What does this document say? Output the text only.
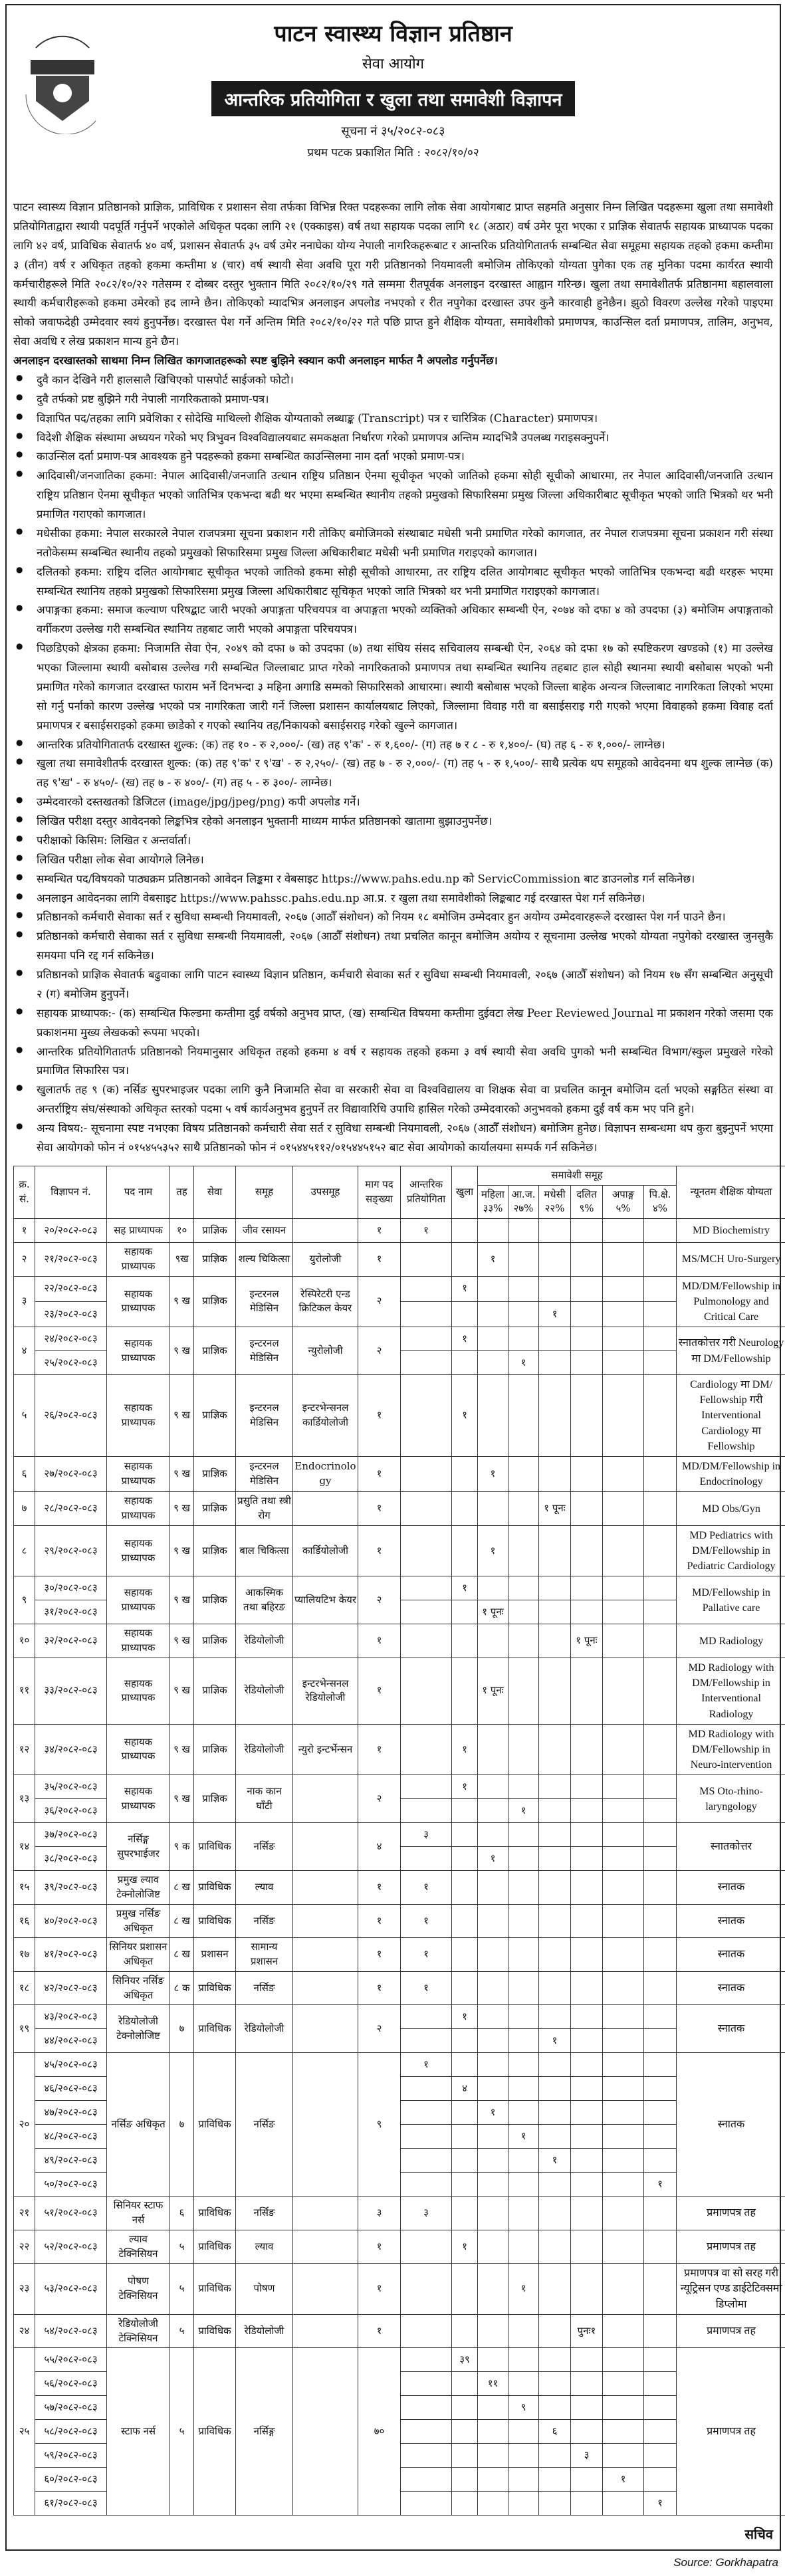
पाटन स्वास्थ्य विज्ञान प्रतिष्ठान
सेवा आयोग
आन्तरिक प्रतियोगिता र खुला तथा समावेशी विज्ञापन
सूचना नं ३५/२०८२-०८३
प्रथम पटक प्रकाशित मिति : २०८२/१०/०२

पाटन स्वास्थ्य विज्ञान प्रतिष्ठानको प्राज्ञिक, प्राविधिक र प्रशासन सेवा तर्फका विभिन्न रिक्त पदहरूका लागि लोक सेवा आयोगबाट प्राप्त सहमति अनुसार निम्न लिखित पदहरूमा खुला तथा समावेशी प्रतियोगिताद्वारा स्थायी पदपूर्ति गर्नुपर्ने भएकोले अधिकृत पदका लागि २१ (एक्काइस) वर्ष तथा सहायक पदका लागि १८ (अठार) वर्ष उमेर पूरा भएका र प्राज्ञिक सेवातर्फ सहायक प्राध्यापक पदका लागि ४२ वर्ष, प्राविधिक सेवातर्फ ४० वर्ष, प्रशासन सेवातर्फ ३५ वर्ष उमेर ननाघेका योग्य नेपाली नागरिकहरूबाट र आन्तरिक प्रतियोगितातर्फ सम्बन्धित सेवा समूहमा सहायक तहको हकमा कम्तीमा ३ (तीन) वर्ष र अधिकृत तहको हकमा कम्तीमा ४ (चार) वर्ष स्थायी सेवा अवधि पूरा गरी प्रतिष्ठानको नियमावली बमोजिम तोकिएको योग्यता पुगेका एक तह मुनिका पदमा कार्यरत स्थायी कर्मचारीहरूले मिति २०८२/१०/२२ गतेसम्म र दोब्बर दस्तुर भुक्तान मिति २०८२/१०/२९ गते सम्ममा रीतपूर्वक अनलाइन दरखास्त आह्वान गरिन्छ। खुला तथा समावेशीतर्फ प्रतिष्ठानमा बहालवाला स्थायी कर्मचारीहरूको हकमा उमेरको हद लाग्ने छैन। तोकिएको म्यादभित्र अनलाइन अपलोड नभएको र रीत नपुगेका दरखास्त उपर कुनै कारवाही हुनेछैन। झुठो विवरण उल्लेख गरेको पाइएमा सोको जवाफदेही उम्मेदवार स्वयं हुनुपर्नेछ। दरखास्त पेश गर्ने अन्तिम मिति २०८२/१०/२२ गते पछि प्राप्त हुने शैक्षिक योग्यता, समावेशीको प्रमाणपत्र, काउन्सिल दर्ता प्रमाणपत्र, तालिम, अनुभव, सेवा अवधि र लेख प्रकाशन मान्य हुने छैन।

अनलाइन दरखास्तको साथमा निम्न लिखित कागजातहरूको स्पष्ट बुझिने स्क्यान कपी अनलाइन मार्फत नै अपलोड गर्नुपर्नेछ।

● दुवै कान देखिने गरी हालसालै खिचिएको पासपोर्ट साईजको फोटो।
● दुवै तर्फको प्रष्ट बुझिने गरी नेपाली नागरिकताको प्रमाण-पत्र।
● विज्ञापित पद/तहका लागि प्रवेशिका र सोदेखि माथिल्लो शैक्षिक योग्यताको लब्धाङ्क (Transcript) पत्र र चारित्रिक (Character) प्रमाणपत्र।
● विदेशी शैक्षिक संस्थामा अध्ययन गरेको भए त्रिभुवन विश्वविद्यालयबाट समकक्षता निर्धारण गरेको प्रमाणपत्र अन्तिम म्यादभित्रै उपलब्ध गराइसक्नुपर्ने।
● काउन्सिल दर्ता प्रमाण-पत्र आवश्यक हुने पदहरूको हकमा सम्बन्धित काउन्सिलमा नाम दर्ता भएको प्रमाण-पत्र।
● आदिवासी/जनजातिका हकमा: नेपाल आदिवासी/जनजाति उत्थान राष्ट्रिय प्रतिष्ठान ऐनमा सूचीकृत भएको जातिको हकमा सोही सूचीको आधारमा, तर नेपाल आदिवासी/जनजाति उत्थान राष्ट्रिय प्रतिष्ठान ऐनमा सूचीकृत भएको जातिभित्र एकभन्दा बढी थर भएमा सम्बन्धित स्थानीय तहको प्रमुखको सिफारिसमा प्रमुख जिल्ला अधिकारीबाट सूचीकृत भएको जाति भित्रको थर भनी प्रमाणित गराएको कागजात।
● मधेसीका हकमा: नेपाल सरकारले नेपाल राजपत्रमा सूचना प्रकाशन गरी तोकिए बमोजिमको संस्थाबाट मधेसी भनी प्रमाणित गरेको कागजात, तर नेपाल राजपत्रमा सूचना प्रकाशन गरी संस्था नतोकेसम्म सम्बन्धित स्थानीय तहको प्रमुखको सिफारिसमा प्रमुख जिल्ला अधिकारीबाट मधेसी भनी प्रमाणित गराइएको कागजात।
● दलितको हकमा: राष्ट्रिय दलित आयोगबाट सूचीकृत भएको जातिको हकमा सोही सूचीको आधारमा, तर राष्ट्रिय दलित आयोगबाट सूचीकृत भएको जातिभित्र एकभन्दा बढी थरहरू भएमा सम्बन्धित स्थानिय तहको प्रमुखको सिफारिसमा प्रमुख जिल्ला अधिकारीबाट सूचिकृत भएको जाति भित्रको थर भनी प्रमाणित गराइएको कागजात।
● अपाङ्गका हकमा: समाज कल्याण परिषद्बाट जारी भएको अपाङ्गता परिचयपत्र वा अपाङ्गता भएको व्यक्तिको अधिकार सम्बन्धी ऐन, २०७४ को दफा ४ को उपदफा (३) बमोजिम अपाङ्गताको वर्गीकरण उल्लेख गरी सम्बन्धित स्थानिय तहबाट जारी भएको अपाङ्गता परिचयपत्र।
● पिछडिएको क्षेत्रका हकमा: निजामति सेवा ऐन, २०४९ को दफा ७ को उपदफा (७) तथा संघिय संसद सचिवालय सम्बन्धी ऐन, २०६४ को दफा १७ को स्पष्टिकरण खण्डको (१) मा उल्लेख भएका जिल्लामा स्थायी बसोबास उल्लेख गरी सम्बन्धित जिल्लाबाट प्राप्त गरेको नागरिकताको प्रमाणपत्र तथा सम्बन्धित स्थानिय तहबाट हाल सोही स्थानमा स्थायी बसोबास भएको भनी प्रमाणित गरेको कागजात दरखास्त फाराम भर्ने दिनभन्दा ३ महिना अगाडि सम्मको सिफारिसको आधारमा। स्थायी बसोबास भएको जिल्ला बाहेक अन्यन्त्र जिल्लाबाट नागरिकता लिएको भएमा सो गर्नु पर्नाको कारण उल्लेख भएको पत्र नागरिकता जारी गर्ने जिल्ला प्रशासन कार्यालयबाट लिएको, जिल्लामा विवाह गरी वा बसाईसराइ गरी गएको भएमा विवाहको हकमा विवाह दर्ता प्रमाणपत्र र बसाईसराइको हकमा छाडेको र गएको स्थानिय तह/निकायको बसाईसराइ गरेको खुल्ने कागजात।
● आन्तरिक प्रतियोगितातर्फ दरखास्त शुल्क: (क) तह १० - रु २,०००/- (ख) तह ९'क' - रु १,६००/- (ग) तह ७ र ८ - रु १,४००/- (घ) तह ६ - रु १,०००/- लाग्नेछ।
● खुला तथा समावेशीतर्फ दरखास्त शुल्क: (क) तह ९'क' र ९'ख' - रु २,२५०/- (ख) तह ७ - रु २,०००/- (ग) तह ५ - रु १,५००/- साथै प्रत्येक थप समूहको आवेदनमा थप शुल्क लाग्नेछ (क) तह ९'ख' - रु ४५०/- (ख) तह ७ - रु ४००/- (ग) तह ५ - रु ३००/- लाग्नेछ।
● उम्मेदवारको दस्तखतको डिजिटल (image/jpg/jpeg/png) कपी अपलोड गर्ने।
● लिखित परीक्षा दस्तुर आवेदनको लिङ्कभित्र रहेको अनलाइन भुक्तानी माध्यम मार्फत प्रतिष्ठानको खातामा बुझाउनुपर्नेछ।
● परीक्षाको किसिम: लिखित र अन्तर्वार्ता।
● लिखित परीक्षा लोक सेवा आयोगले लिनेछ।
● सम्बन्धित पद/विषयको पाठ्यक्रम प्रतिष्ठानको आवेदन लिङ्कमा र वेबसाइट https://www.pahs.edu.np को ServicCommission बाट डाउनलोड गर्न सकिनेछ।
● अनलाइन आवेदनका लागि वेबसाइट https://www.pahssc.pahs.edu.np आ.प्र. र खुला तथा समावेशीको लिङ्कबाट गई दरखास्त पेश गर्न सकिनेछ।
● प्रतिष्ठानको कर्मचारी सेवाका सर्त र सुविधा सम्बन्धी नियमावली, २०६७ (आठौँ संशोधन) को नियम १८ बमोजिम उम्मेदवार हुन अयोग्य उम्मेदवारहरूले दरखास्त पेश गर्न पाउने छैन।
● प्रतिष्ठानको कर्मचारी सेवाका सर्त र सुविधा सम्बन्धी नियमावली, २०६७ (आठौँ संशोधन) तथा प्रचलित कानून बमोजिम अयोग्य र सूचनामा उल्लेख भएको योग्यता नपुगेको दरखास्त जुनसुकै समयमा पनि रद्द गर्न सकिनेछ।
● प्रतिष्ठानको प्राज्ञिक सेवातर्फ बढुवाका लागि पाटन स्वास्थ्य विज्ञान प्रतिष्ठान, कर्मचारी सेवाका सर्त र सुविधा सम्बन्धी नियमावली, २०६७ (आठौँ संशोधन) को नियम १७ सँग सम्बन्धित अनुसूची २ (ग) बमोजिम हुनुपर्ने।
● सहायक प्राध्यापक:- (क) सम्बन्धित फिल्डमा कम्तीमा दुई वर्षको अनुभव प्राप्त, (ख) सम्बन्धित विषयमा कम्तीमा दुईवटा लेख Peer Reviewed Journal मा प्रकाशन गरेको जसमा एक प्रकाशनमा मुख्य लेखकको रूपमा भएको।
● आन्तरिक प्रतियोगितातर्फ प्रतिष्ठानको नियमानुसार अधिकृत तहको हकमा ४ वर्ष र सहायक तहको हकमा ३ वर्ष स्थायी सेवा अवधि पुगको भनी सम्बन्धित विभाग/स्कुल प्रमुखले गरेको प्रमाणित सिफारिस पत्र।
● खुलातर्फ तह ९ (क) नर्सिङ सुपरभाइजर पदका लागि कुनै निजामति सेवा वा सरकारी सेवा वा विश्वविद्यालय वा शिक्षक सेवा वा प्रचलित कानून बमोजिम दर्ता भएको सङ्गठित संस्था वा अन्तर्राष्ट्रिय संघ/संस्थाको अधिकृत स्तरको पदमा ५ वर्ष कार्यअनुभव हुनुपर्ने तर विद्यावारिधि उपाधि हासिल गरेको उम्मेदवारको अनुभवको हकमा दुई वर्ष कम भए पनि हुने।
● अन्य विषय:- सूचनामा स्पष्ट नभएका विषय प्रतिष्ठानको कर्मचारी सेवा सर्त र सुविधा सम्बन्धी नियमावली, २०६७ (आठौँ संशोधन) बमोजिम हुनेछ। विज्ञापन सम्बन्धमा थप कुरा बुझ्नुपर्ने भएमा सेवा आयोगको फोन नं ०१५४५५३५२ साथै प्रतिष्ठानको फोन नं ०१५४४५११२/०१५४४५१५२ बाट सेवा आयोगको कार्यालयमा सम्पर्क गर्न सकिनेछ।
क्र. सं.	विज्ञापन नं.	पद नाम	तह	सेवा	समूह	उपसमूह	माग पद सङ्ख्या	आन्तरिक प्रतियोगिता	खुला	समावेशी समूह						न्यूनतम शैक्षिक योग्यता
										महिला ३३%	आ.ज. २७%	मधेसी २२%	दलित ९%	अपाङ्ग ५%	पि.क्षे. ४%	
१	२०/२०८२-०८३	सह प्राध्यापक	१०	प्राज्ञिक	जीव रसायन		१	१								MD Biochemistry
२	२१/२०८२-०८३	सहायक प्राध्यापक	९ख	प्राज्ञिक	शल्य चिकित्सा	युरोलोजी	१			१						MS/MCH Uro-Surgery
३	२२/२०८२-०८३	सहायक प्राध्यापक	९ ख	प्राज्ञिक	इन्टरनल मेडिसिन	रेस्पिरेटरी एन्ड क्रिटिकल केयर	२		१							MD/DM/Fellowship in Pulmonology and Critical Care
	२३/२०८२-०८३											१				
४	२४/२०८२-०८३	सहायक प्राध्यापक	९ ख	प्राज्ञिक	इन्टरनल मेडिसिन	न्युरोलोजी	२		१							स्नातकोत्तर गरी Neurology मा DM/Fellowship
	२५/२०८२-०८३										१					
५	२६/२०८२-०८३	सहायक प्राध्यापक	९ ख	प्राज्ञिक	इन्टरनल मेडिसिन	इन्टरभेन्सनल कार्डियोलोजी	१		१							Cardiology मा DM/ Fellowship गरी Interventional Cardiology मा Fellowship
६	२७/२०८२-०८३	सहायक प्राध्यापक	९ ख	प्राज्ञिक	इन्टरनल मेडिसिन	Endocrinology	१			१						MD/DM/Fellowship in Endocrinology
७	२८/२०८२-०८३	सहायक प्राध्यापक	९ ख	प्राज्ञिक	प्रसुति तथा स्त्री रोग		१					१ पूनः				MD Obs/Gyn
८	२९/२०८२-०८३	सहायक प्राध्यापक	९ ख	प्राज्ञिक	बाल चिकित्सा	कार्डियोलोजी	१			१						MD Pediatrics with DM/Fellowship in Pediatric Cardiology
९	३०/२०८२-०८३	सहायक प्राध्यापक	९ ख	प्राज्ञिक	आकस्मिक तथा बहिरङ	प्यालियटिभ केयर	२		१							MD/Fellowship in Pallative care
	३१/२०८२-०८३									१ पूनः						
१०	३२/२०८२-०८३	सहायक प्राध्यापक	९ ख	प्राज्ञिक	रेडियोलोजी		१						१ पूनः			MD Radiology
११	३३/२०८२-०८३	सहायक प्राध्यापक	९ ख	प्राज्ञिक	रेडियोलोजी	इन्टरभेन्सनल रेडियोलोजी	१			१ पूनः						MD Radiology with DM/Fellowship in Interventional Radiology
१२	३४/२०८२-०८३	सहायक प्राध्यापक	९ ख	प्राज्ञिक	रेडियोलोजी	न्युरो इन्टर्भेन्सन	१		१							MD Radiology with DM/Fellowship in Neuro-intervention
१३	३५/२०८२-०८३	सहायक प्राध्यापक	९ ख	प्राज्ञिक	नाक कान घाँटी		२		१							MS Oto-rhino-laryngology
	३६/२०८२-०८३										१					
१४	३७/२०८२-०८३	नर्सिङ्ग सुपरभाईजर	९ क	प्राविधिक	नर्सिङ		४	३								स्नातकोत्तर
	३८/२०८२-०८३									१						
१५	३९/२०८२-०८३	प्रमुख ल्याव टेक्नोलोजिष्ट	८ ख	प्राविधिक	ल्याव		१	१								स्नातक
१६	४०/२०८२-०८३	प्रमुख नर्सिङ अधिकृत	८ ख	प्राविधिक	नर्सिङ		१	१								स्नातक
१७	४१/२०८२-०८३	सिनियर प्रशासन अधिकृत	८ ख	प्रशासन	सामान्य प्रशासन		१	१								स्नातक
१८	४२/२०८२-०८३	सिनियर नर्सिङ अधिकृत	८ क	प्राविधिक	नर्सिङ		१	१								स्नातक
१९	४३/२०८२-०८३	रेडियोलोजी टेक्नोलोजिष्ट	७	प्राविधिक	रेडियोलोजी		२		१							स्नातक
	४४/२०८२-०८३											१				
२०	४५/२०८२-०८३	नर्सिङ अधिकृत	७	प्राविधिक	नर्सिङ		९	१								स्नातक
	४६/२०८२-०८३								४							
	४७/२०८२-०८३									१						
	४८/२०८२-०८३										१					
	४९/२०८२-०८३											१				
	५०/२०८२-०८३														१	
२१	५१/२०८२-०८३	सिनियर स्टाफ नर्स	६	प्राविधिक	नर्सिङ		३	३								प्रमाणपत्र तह
२२	५२/२०८२-०८३	ल्याव टेक्निसियन	५	प्राविधिक	ल्याव		१		१							प्रमाणपत्र तह
२३	५३/२०८२-०८३	पोषण टेक्निसियन	५	प्राविधिक	पोषण		१				१					प्रमाणपत्र वा सो सरह गरी न्यूट्रिसन एण्ड डाईटेटिक्समा डिप्लोमा
२४	५४/२०८२-०८३	रेडियोलोजी टेक्निसियन	५	प्राविधिक	रेडियोलोजी		१						पुनः१			प्रमाणपत्र तह
२५	५५/२०८२-०८३	स्टाफ नर्स	५	प्राविधिक	नर्सिङ्ग		७०		३९							प्रमाणपत्र तह
	५६/२०८२-०८३									११						
	५७/२०८२-०८३										९					
	५८/२०८२-०८३											६				
	५९/२०८२-०८३												३			
	६०/२०८२-०८३													१		
	६१/२०८२-०८३														१	
सचिव
Source: Gorkhapatra
